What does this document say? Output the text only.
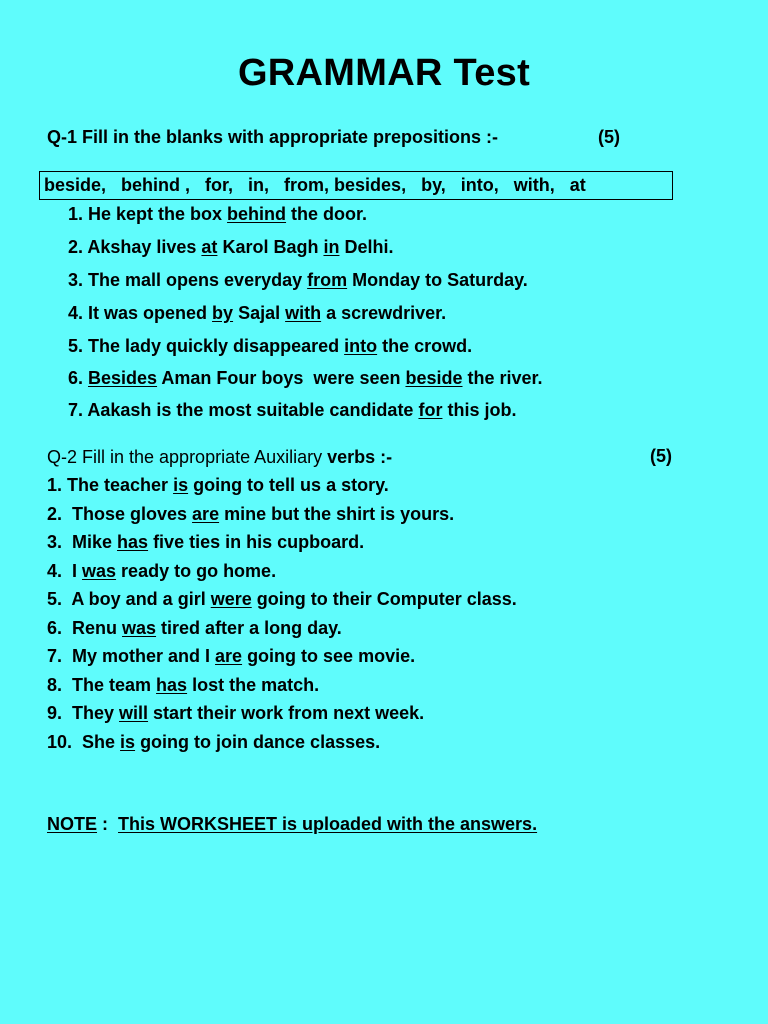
GRAMMAR Test
Q-1 Fill in the blanks with appropriate prepositions :-	(5)
beside,   behind ,   for,   in,   from, besides,   by,   into,   with,   at
1. He kept the box behind the door.
2. Akshay lives at Karol Bagh in Delhi.
3. The mall opens everyday from Monday to Saturday.
4. It was opened by Sajal with a screwdriver.
5. The lady quickly disappeared into the crowd.
6. Besides Aman Four boys  were seen beside the river.
7. Aakash is the most suitable candidate for this job.
Q-2 Fill in the appropriate Auxiliary verbs :-	(5)
1. The teacher is going to tell us a story.
2.  Those gloves are mine but the shirt is yours.
3.  Mike has five ties in his cupboard.
4.  I was ready to go home.
5.  A boy and a girl were going to their Computer class.
6.  Renu was tired after a long day.
7.  My mother and I are going to see movie.
8.  The team has lost the match.
9.  They will start their work from next week.
10.  She is going to join dance classes.
NOTE :  This WORKSHEET is uploaded with the answers.
